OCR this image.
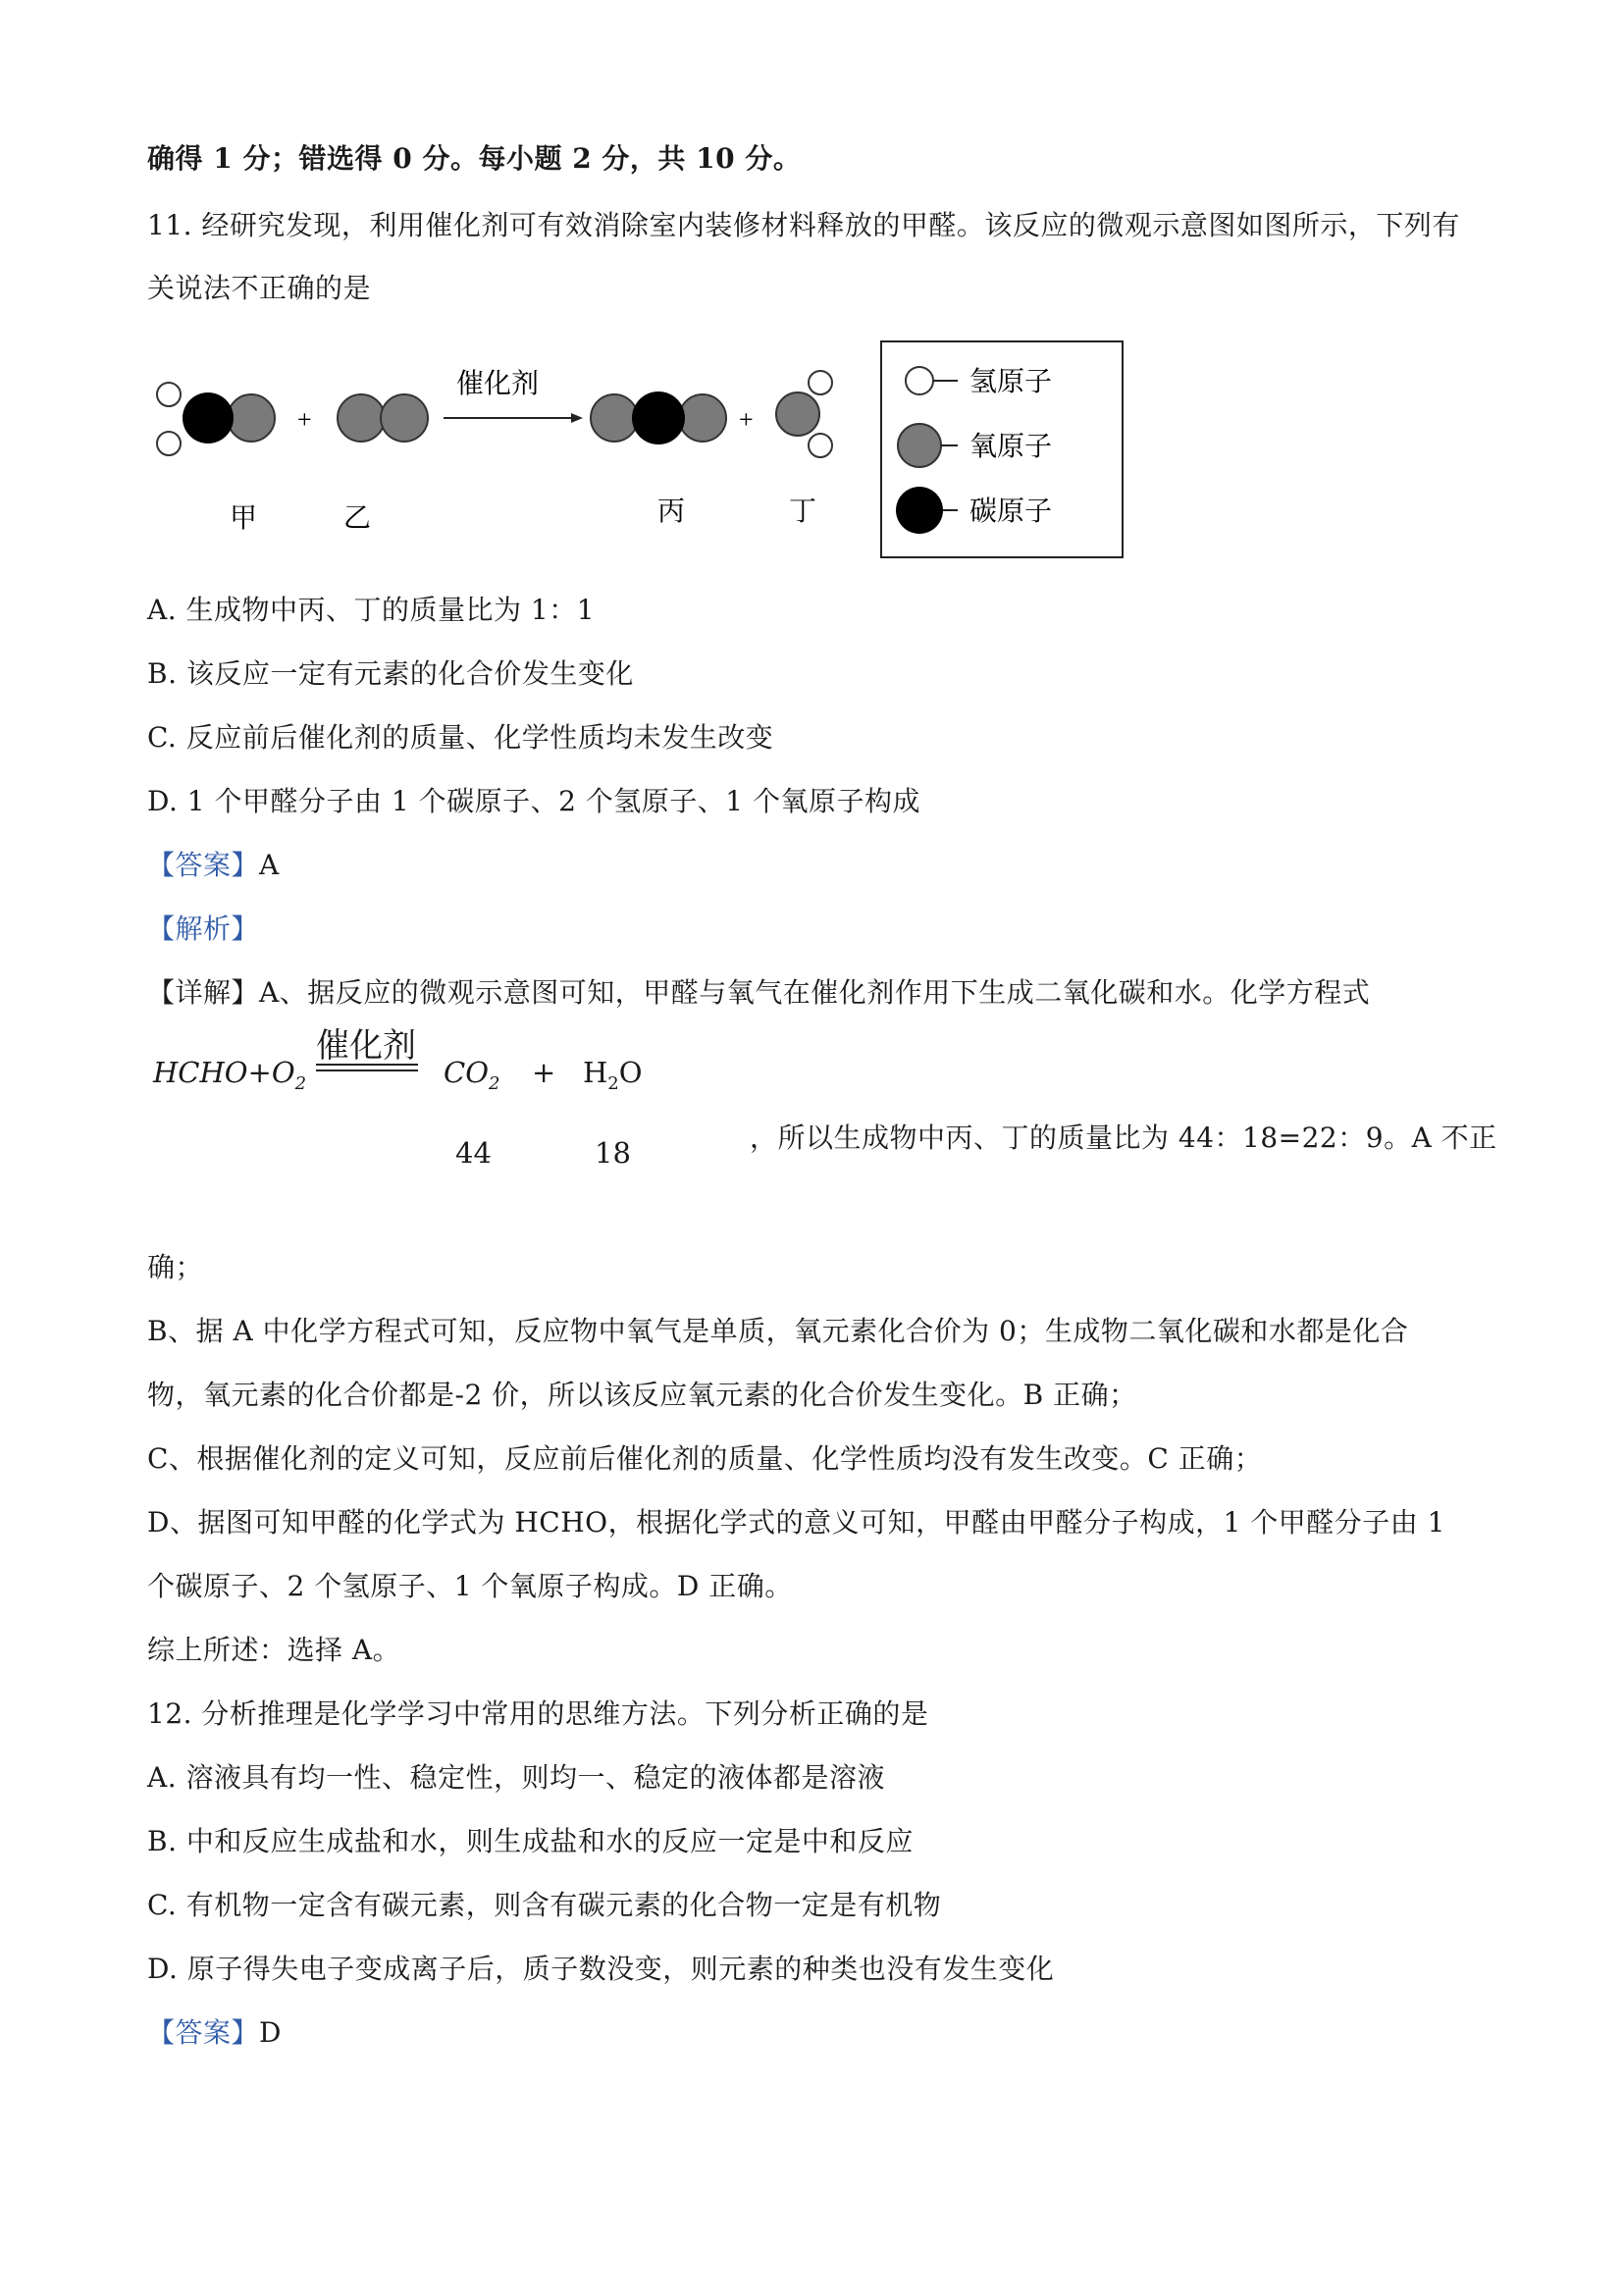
确得 1 分；错选得 0 分。每小题 2 分，共 10 分。
11. 经研究发现，利用催化剂可有效消除室内装修材料释放的甲醛。该反应的微观示意图如图所示，下列有
关说法不正确的是
+
催化剂
+
甲	乙	丙	丁
氢原子
氧原子
碳原子
A. 生成物中丙、丁的质量比为 1：1
B. 该反应一定有元素的化合价发生变化
C. 反应前后催化剂的质量、化学性质均未发生改变
D. 1 个甲醛分子由 1 个碳原子、2 个氢原子、1 个氧原子构成
【答案】A
【解析】
【详解】A、据反应的微观示意图可知，甲醛与氧气在催化剂作用下生成二氧化碳和水。化学方程式
$HCHO+O_2$
催化剂
$CO_2 + H_2O$
44	18	，所以生成物中丙、丁的质量比为 44：18=22：9。A 不正
确；
B、据 A 中化学方程式可知，反应物中氧气是单质，氧元素化合价为 0；生成物二氧化碳和水都是化合
物，氧元素的化合价都是-2 价，所以该反应氧元素的化合价发生变化。B 正确；
C、根据催化剂的定义可知，反应前后催化剂的质量、化学性质均没有发生改变。C 正确；
D、据图可知甲醛的化学式为 HCHO，根据化学式的意义可知，甲醛由甲醛分子构成，1 个甲醛分子由 1
个碳原子、2 个氢原子、1 个氧原子构成。D 正确。
综上所述：选择 A。
12. 分析推理是化学学习中常用的思维方法。下列分析正确的是
A. 溶液具有均一性、稳定性，则均一、稳定的液体都是溶液
B. 中和反应生成盐和水，则生成盐和水的反应一定是中和反应
C. 有机物一定含有碳元素，则含有碳元素的化合物一定是有机物
D. 原子得失电子变成离子后，质子数没变，则元素的种类也没有发生变化
【答案】D
